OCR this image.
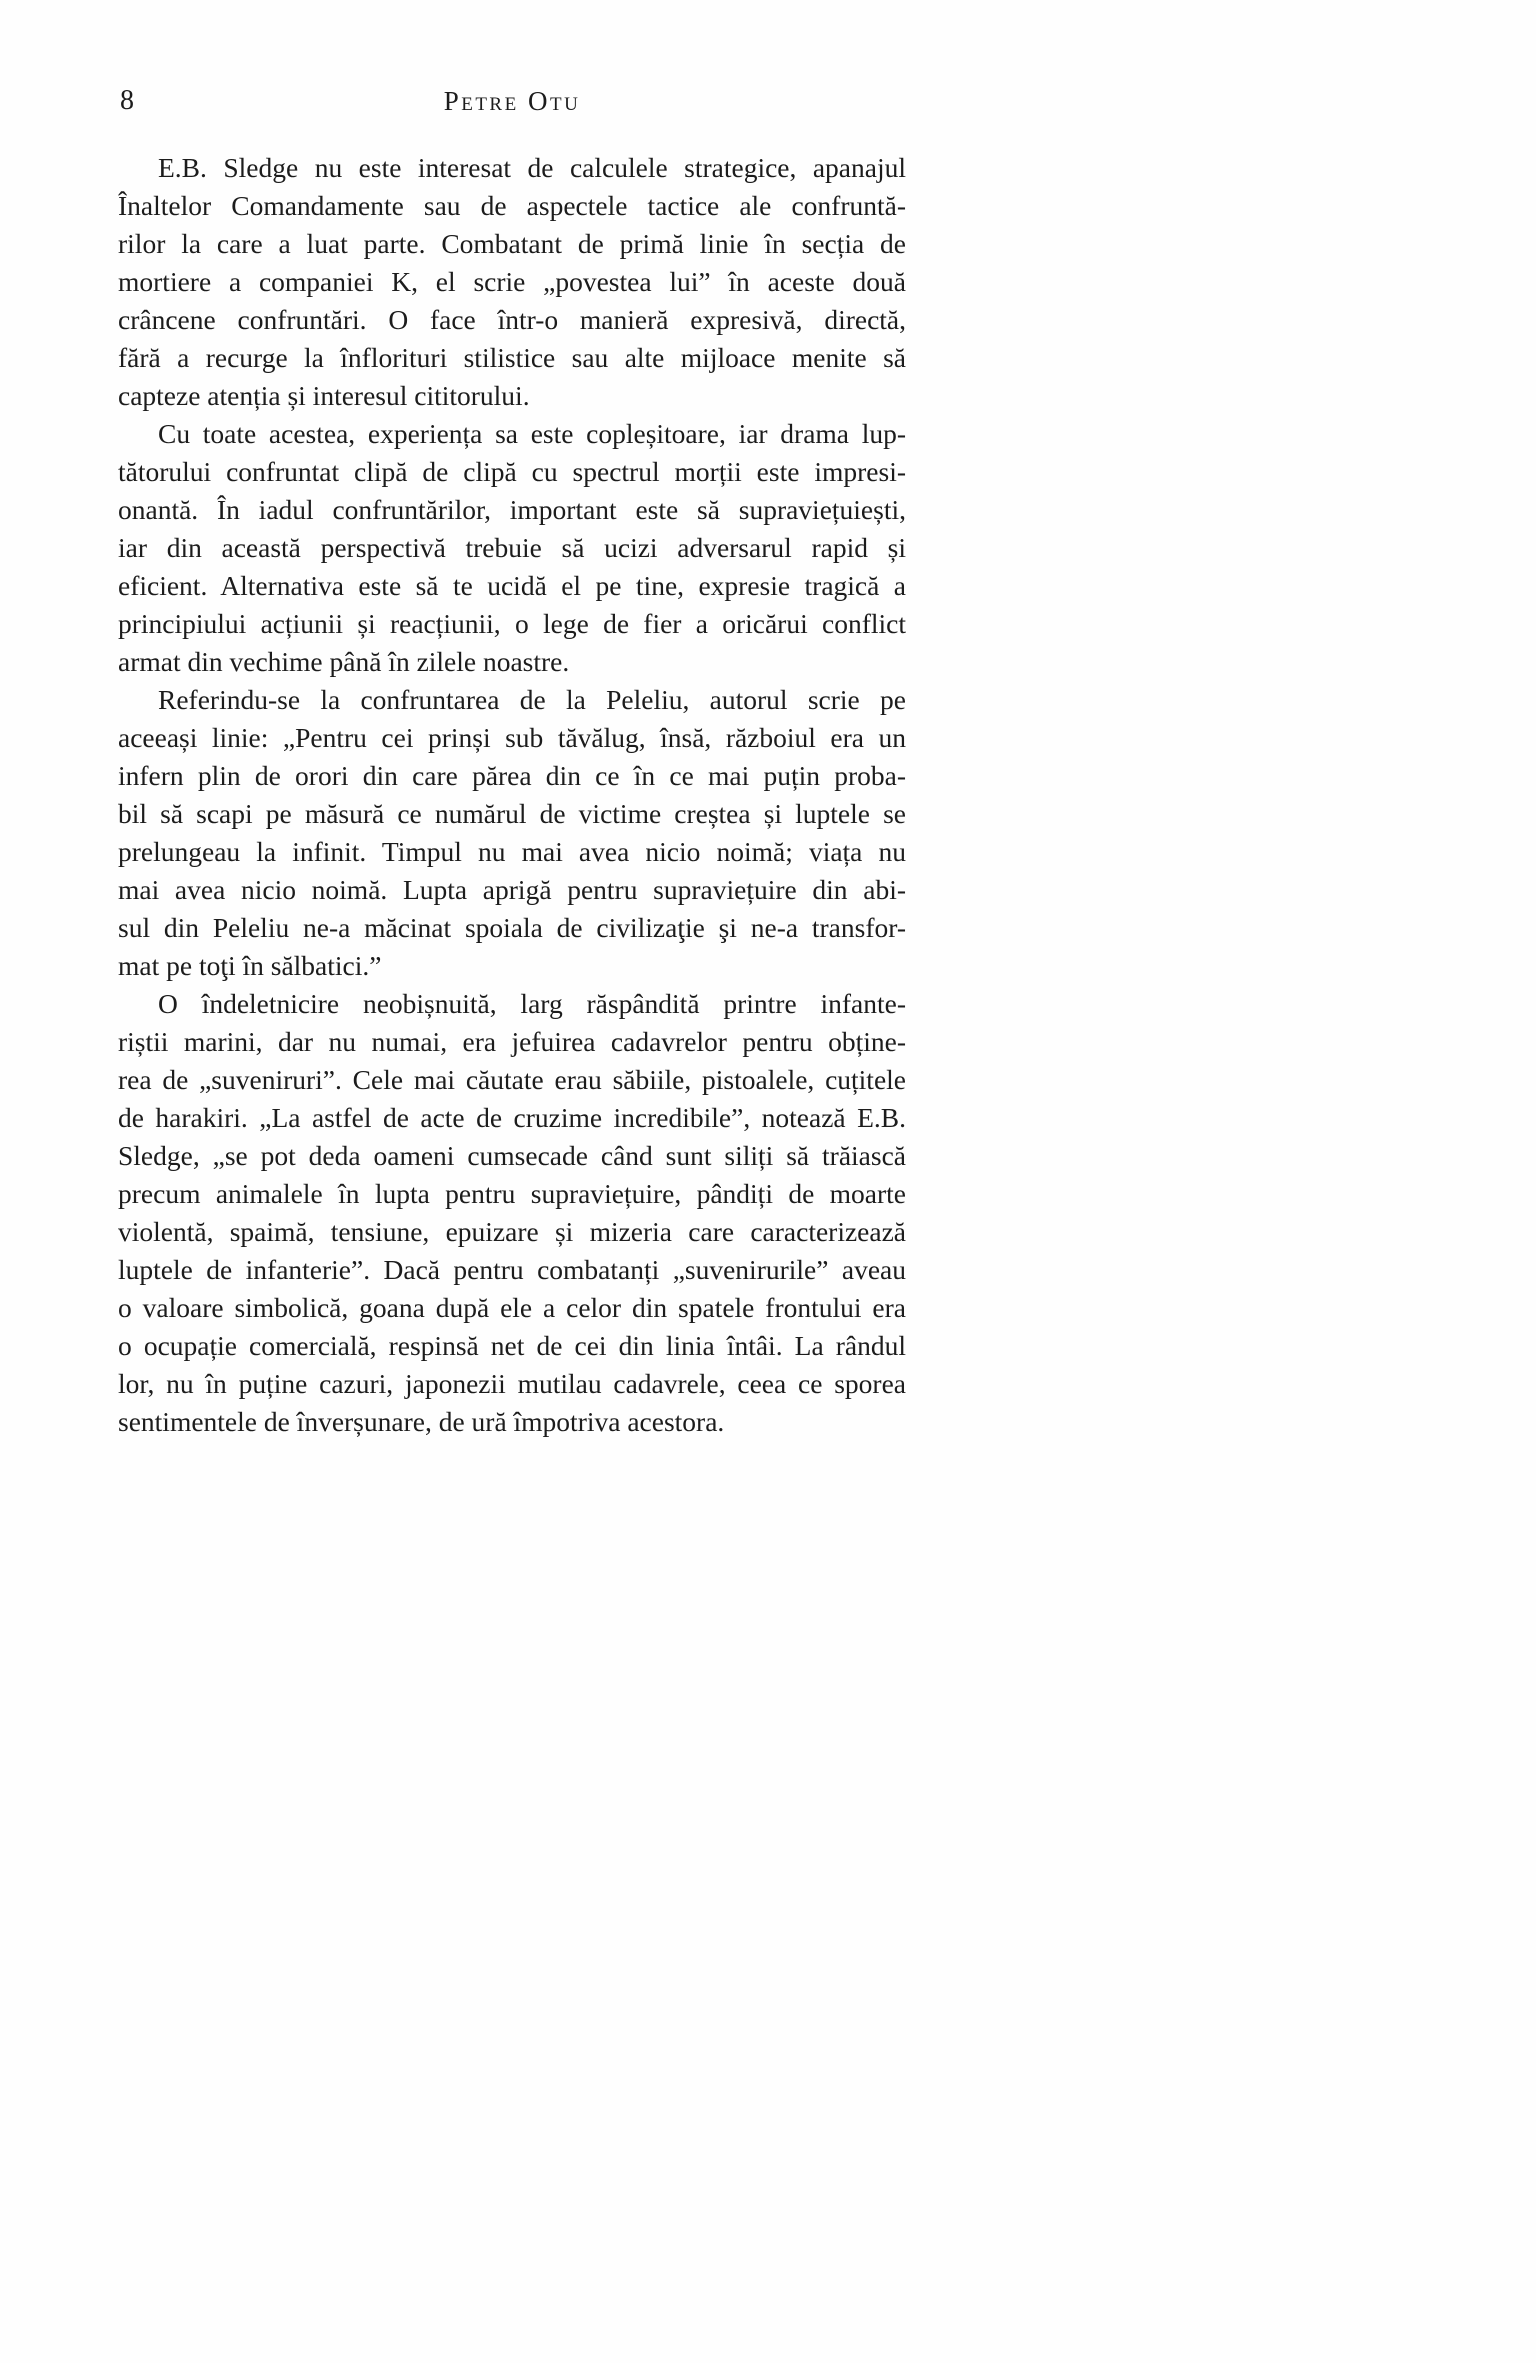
8	Petre Otu

E.B. Sledge nu este interesat de calculele strategice, apanajul
Înaltelor Comandamente sau de aspectele tactice ale confruntă-
rilor la care a luat parte. Combatant de primă linie în secția de
mortiere a companiei K, el scrie „povestea lui” în aceste două
crâncene confruntări. O face într-o manieră expresivă, directă,
fără a recurge la înflorituri stilistice sau alte mijloace menite să
capteze atenția și interesul cititorului.

Cu toate acestea, experiența sa este copleșitoare, iar drama lup-
tătorului confruntat clipă de clipă cu spectrul morții este impresi-
onantă. În iadul confruntărilor, important este să supraviețuiești,
iar din această perspectivă trebuie să ucizi adversarul rapid și
eficient. Alternativa este să te ucidă el pe tine, expresie tragică a
principiului acțiunii și reacțiunii, o lege de fier a oricărui conflict
armat din vechime până în zilele noastre.

Referindu-se la confruntarea de la Peleliu, autorul scrie pe
aceeași linie: „Pentru cei prinși sub tăvălug, însă, războiul era un
infern plin de orori din care părea din ce în ce mai puțin proba-
bil să scapi pe măsură ce numărul de victime creștea și luptele se
prelungeau la infinit. Timpul nu mai avea nicio noimă; viața nu
mai avea nicio noimă. Lupta aprigă pentru supraviețuire din abi-
sul din Peleliu ne-a măcinat spoiala de civilizaţie şi ne-a transfor-
mat pe toţi în sălbatici.”

O îndeletnicire neobișnuită, larg răspândită printre infante-
riștii marini, dar nu numai, era jefuirea cadavrelor pentru obține-
rea de „suveniruri”. Cele mai căutate erau săbiile, pistoalele, cuțitele
de harakiri. „La astfel de acte de cruzime incredibile”, notează E.B.
Sledge, „se pot deda oameni cumsecade când sunt siliți să trăiască
precum animalele în lupta pentru supraviețuire, pândiți de moarte
violentă, spaimă, tensiune, epuizare și mizeria care caracterizează
luptele de infanterie”. Dacă pentru combatanți „suvenirurile” aveau
o valoare simbolică, goana după ele a celor din spatele frontului era
o ocupație comercială, respinsă net de cei din linia întâi. La rândul
lor, nu în puține cazuri, japonezii mutilau cadavrele, ceea ce sporea
sentimentele de înverșunare, de ură împotriva acestora.
